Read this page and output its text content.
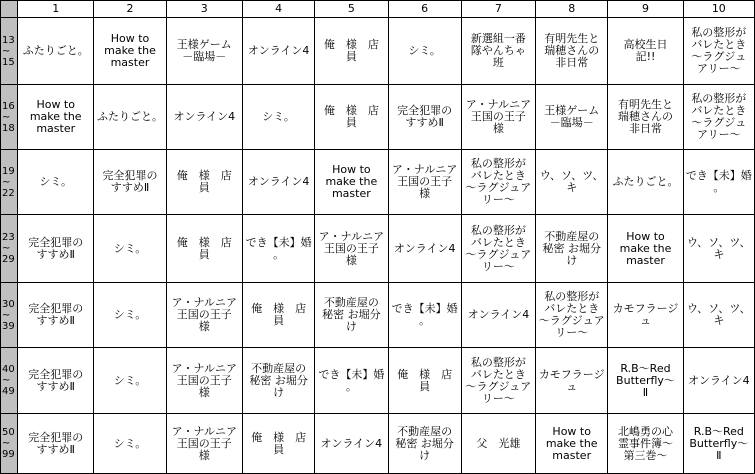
	1	2	3	4	5	6	7	8	9	10
13
~
15	ふたりごと。	How to
make the
master	王様ゲーム
－臨場－	オンライン4	俺　様　店
員	シミ。	新選組一番
隊やんちゃ
班	有明先生と
瑞穂さんの
非日常	高校生日
記!!	私の整形が
バレたとき
～ラグジュ
アリー～
16
~
18	How to
make the
master	ふたりごと。	オンライン4	シミ。	俺　様　店
員	完全犯罪の
すすめⅡ	ア・ナルニア
王国の王子
様	王様ゲーム
－臨場－	有明先生と
瑞穂さんの
非日常	私の整形が
バレたとき
～ラグジュ
アリー～
19
~
22	シミ。	完全犯罪の
すすめⅡ	俺　様　店
員	オンライン4	How to
make the
master	ア・ナルニア
王国の王子
様	私の整形が
バレたとき
～ラグジュア
リー～	ウ、ソ、ツ、
キ	ふたりごと。	でき【未】婚
。
23
~
29	完全犯罪の
すすめⅡ	シミ。	俺　様　店
員	でき【未】婚
。	ア・ナルニア
王国の王子
様	オンライン4	私の整形が
バレたとき
～ラグジュア
リー～	不動産屋の
秘密 お堀分
け	How to
make the
master	ウ、ソ、ツ、
キ
30
~
39	完全犯罪の
すすめⅡ	シミ。	ア・ナルニア
王国の王子
様	俺　様　店
員	不動産屋の
秘密 お堀分
け	でき【未】婚
。	オンライン4	私の整形が
バレたとき
～ラグジュア
リー～	カモフラージ
ュ	ウ、ソ、ツ、
キ
40
~
49	完全犯罪の
すすめⅡ	シミ。	ア・ナルニア
王国の王子
様	不動産屋の
秘密 お堀分
け	でき【未】婚
。	俺　様　店
員	私の整形が
バレたとき
～ラグジュア
リー～	カモフラージ
ュ	R.B～Red
Butterfly～
Ⅱ	オンライン4
50
~
99	完全犯罪の
すすめⅡ	シミ。	ア・ナルニア
王国の王子
様	俺　様　店
員	オンライン4	不動産屋の
秘密 お堀分
け	父　光雄	How to
make the
master	北嶋勇の心
霊事件簿～
第三巻～	R.B～Red
Butterfly～
Ⅱ
